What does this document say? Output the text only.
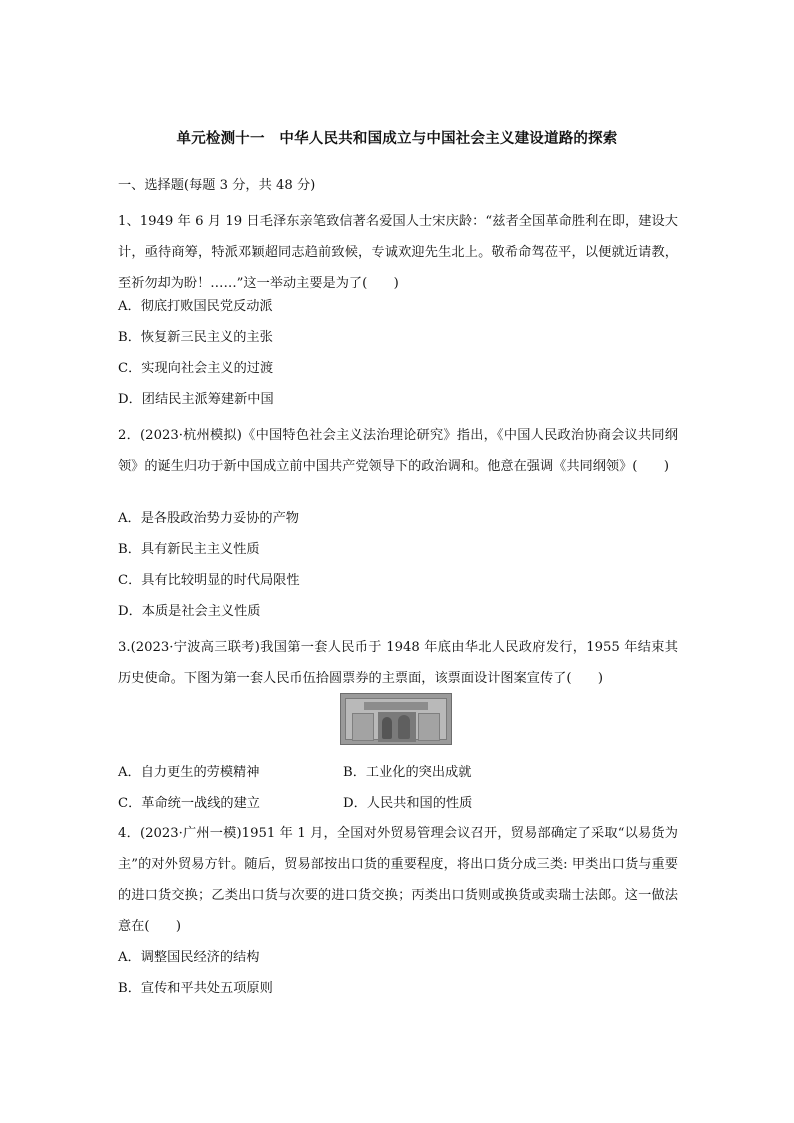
单元检测十一　中华人民共和国成立与中国社会主义建设道路的探索
一、选择题(每题 3 分，共 48 分)
1、1949 年 6 月 19 日毛泽东亲笔致信著名爱国人士宋庆龄：“兹者全国革命胜利在即，建设大计，亟待商筹，特派邓颖超同志趋前致候，专诚欢迎先生北上。敬希命驾莅平，以便就近请教，至祈勿却为盼！……”这一举动主要是为了(　　)
A．彻底打败国民党反动派
B．恢复新三民主义的主张
C．实现向社会主义的过渡
D．团结民主派筹建新中国
2．(2023·杭州模拟)《中国特色社会主义法治理论研究》指出，《中国人民政治协商会议共同纲领》的诞生归功于新中国成立前中国共产党领导下的政治调和。他意在强调《共同纲领》(　　)
A．是各股政治势力妥协的产物
B．具有新民主主义性质
C．具有比较明显的时代局限性
D．本质是社会主义性质
3.(2023·宁波高三联考)我国第一套人民币于 1948 年底由华北人民政府发行，1955 年结束其历史使命。下图为第一套人民币伍拾圆票券的主票面，该票面设计图案宣传了(　　)
A．自力更生的劳模精神	B．工业化的突出成就
C．革命统一战线的建立	D．人民共和国的性质
4．(2023·广州一模)1951 年 1 月，全国对外贸易管理会议召开，贸易部确定了采取“以易货为主”的对外贸易方针。随后，贸易部按出口货的重要程度，将出口货分成三类: 甲类出口货与重要的进口货交换；乙类出口货与次要的进口货交换；丙类出口货则或换货或卖瑞士法郎。这一做法意在(　　)
A．调整国民经济的结构
B．宣传和平共处五项原则
